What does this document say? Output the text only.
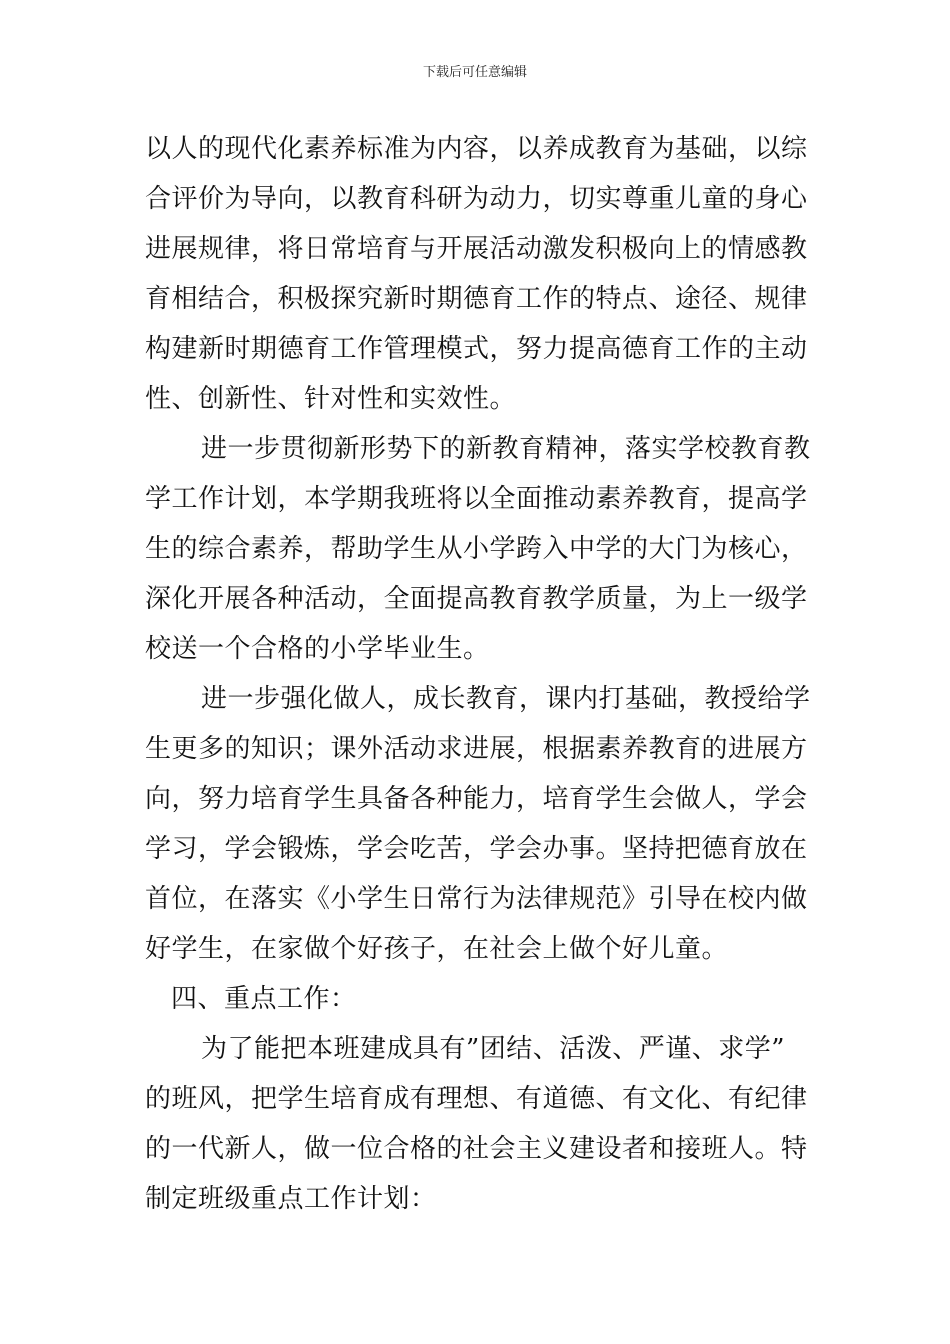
下载后可任意编辑
以人的现代化素养标准为内容，以养成教育为基础，以综
合评价为导向，以教育科研为动力，切实尊重儿童的身心
进展规律，将日常培育与开展活动激发积极向上的情感教
育相结合，积极探究新时期德育工作的特点、途径、规律
构建新时期德育工作管理模式，努力提高德育工作的主动
性、创新性、针对性和实效性。
进一步贯彻新形势下的新教育精神，落实学校教育教
学工作计划，本学期我班将以全面推动素养教育，提高学
生的综合素养，帮助学生从小学跨入中学的大门为核心，
深化开展各种活动，全面提高教育教学质量，为上一级学
校送一个合格的小学毕业生。
进一步强化做人，成长教育，课内打基础，教授给学
生更多的知识；课外活动求进展，根据素养教育的进展方
向，努力培育学生具备各种能力，培育学生会做人，学会
学习，学会锻炼，学会吃苦，学会办事。坚持把德育放在
首位，在落实《小学生日常行为法律规范》引导在校内做
好学生，在家做个好孩子，在社会上做个好儿童。
四、重点工作：
为了能把本班建成具有”团结、活泼、严谨、求学”
的班风，把学生培育成有理想、有道德、有文化、有纪律
的一代新人，做一位合格的社会主义建设者和接班人。特
制定班级重点工作计划：
